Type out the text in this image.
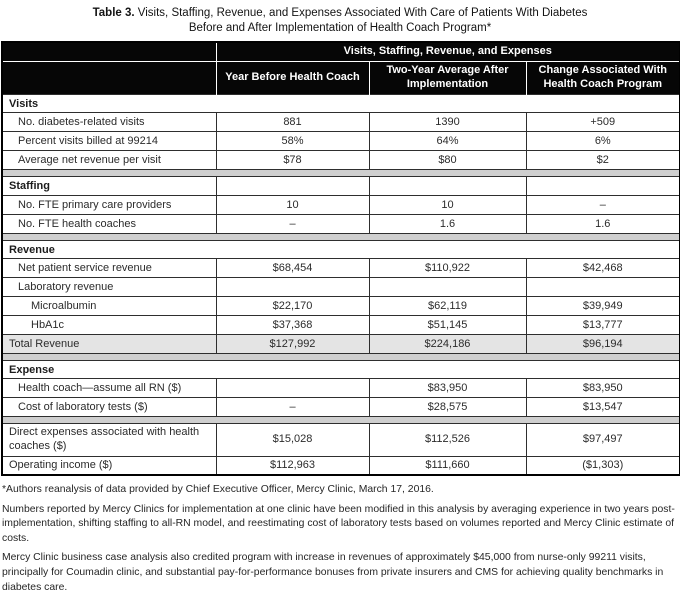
Table 3. Visits, Staffing, Revenue, and Expenses Associated With Care of Patients With Diabetes
Before and After Implementation of Health Coach Program*
	Visits, Staffing, Revenue, and Expenses		
	Year Before Health Coach	Two-Year Average After Implementation	Change Associated With Health Coach Program
Visits			
No. diabetes-related visits	881	1390	+509
Percent visits billed at 99214	58%	64%	6%
Average net revenue per visit	$78	$80	$2

Staffing			
No. FTE primary care providers	10	10	–
No. FTE health coaches	–	1.6	1.6

Revenue			
Net patient service revenue	$68,454	$110,922	$42,468
Laboratory revenue			
Microalbumin	$22,170	$62,119	$39,949
HbA1c	$37,368	$51,145	$13,777
Total Revenue	$127,992	$224,186	$96,194

Expense			
Health coach—assume all RN ($)		$83,950	$83,950
Cost of laboratory tests ($)	–	$28,575	$13,547

Direct expenses associated with health coaches ($)	$15,028	$112,526	$97,497
Operating income ($)	$112,963	$111,660	($1,303)

*Authors reanalysis of data provided by Chief Executive Officer, Mercy Clinic, March 17, 2016.

Numbers reported by Mercy Clinics for implementation at one clinic have been modified in this analysis by averaging experience in two years post-implementation, shifting staffing to all-RN model, and reestimating cost of laboratory tests based on volumes reported and Mercy Clinic estimate of costs.

Mercy Clinic business case analysis also credited program with increase in revenues of approximately $45,000 from nurse-only 99211 visits, principally for Coumadin clinic, and substantial pay-for-performance bonuses from private insurers and CMS for achieving quality benchmarks in diabetes care.
